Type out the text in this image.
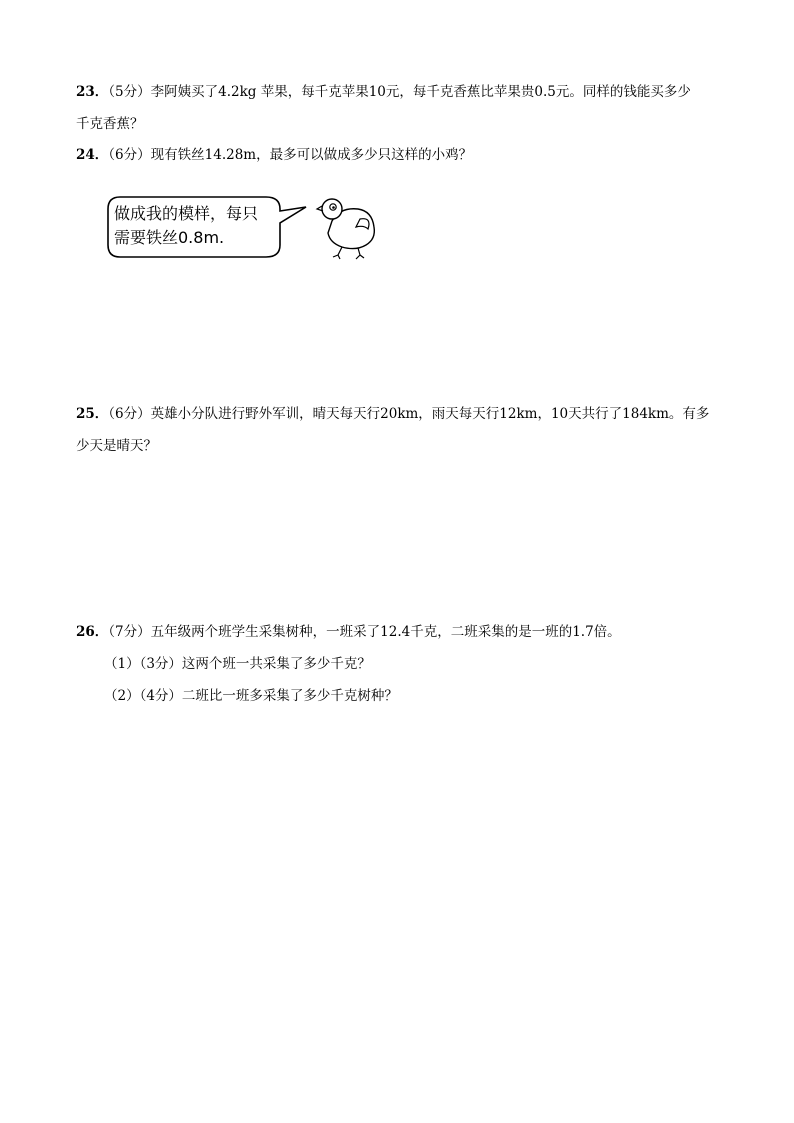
23．（5分）李阿姨买了4.2kg 苹果，每千克苹果10元，每千克香蕉比苹果贵0.5元。同样的钱能买多少
千克香蕉？
24．（6分）现有铁丝14.28m，最多可以做成多少只这样的小鸡？
做成我的模样，每只
需要铁丝0.8m.
25．（6分）英雄小分队进行野外军训，晴天每天行20km，雨天每天行12km，10天共行了184km。有多
少天是晴天？
26．（7分）五年级两个班学生采集树种，一班采了12.4千克，二班采集的是一班的1.7倍。
（1）（3分）这两个班一共采集了多少千克？
（2）（4分）二班比一班多采集了多少千克树种？
